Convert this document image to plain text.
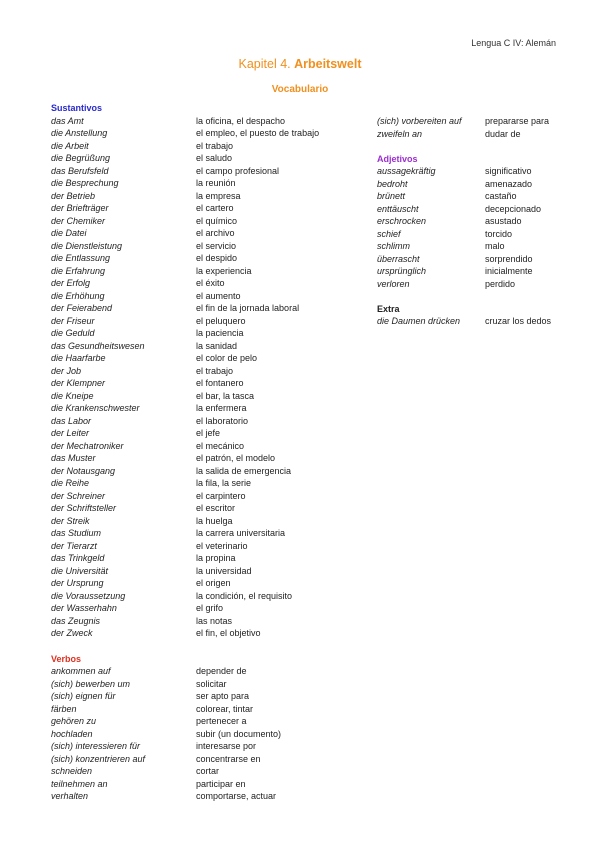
Lengua C IV: Alemán
Kapitel 4. Arbeitswelt
Vocabulario
Sustantivos
das Amt	la oficina, el despacho
die Anstellung	el empleo, el puesto de trabajo
die Arbeit	el trabajo
die Begrüßung	el saludo
das Berufsfeld	el campo profesional
die Besprechung	la reunión
der Betrieb	la empresa
der Briefträger	el cartero
der Chemiker	el químico
die Datei	el archivo
die Dienstleistung	el servicio
die Entlassung	el despido
die Erfahrung	la experiencia
der Erfolg	el éxito
die Erhöhung	el aumento
der Feierabend	el fin de la jornada laboral
der Friseur	el peluquero
die Geduld	la paciencia
das Gesundheitswesen	la sanidad
die Haarfarbe	el color de pelo
der Job	el trabajo
der Klempner	el fontanero
die Kneipe	el bar, la tasca
die Krankenschwester	la enfermera
das Labor	el laboratorio
der Leiter	el jefe
der Mechatroniker	el mecánico
das Muster	el patrón, el modelo
der Notausgang	la salida de emergencia
die Reihe	la fila, la serie
der Schreiner	el carpintero
der Schriftsteller	el escritor
der Streik	la huelga
das Studium	la carrera universitaria
der Tierarzt	el veterinario
das Trinkgeld	la propina
die Universität	la universidad
der Ursprung	el origen
die Voraussetzung	la condición, el requisito
der Wasserhahn	el grifo
das Zeugnis	las notas
der Zweck	el fin, el objetivo
Verbos
ankommen auf	depender de
(sich) bewerben um	solicitar
(sich) eignen für	ser apto para
färben	colorear, tintar
gehören zu	pertenecer a
hochladen	subir (un documento)
(sich) interessieren für	interesarse por
(sich) konzentrieren auf	concentrarse en
schneiden	cortar
teilnehmen an	participar en
verhalten	comportarse, actuar
(sich) vorbereiten auf	prepararse para
zweifeln an	dudar de
Adjetivos
aussagekräftig	significativo
bedroht	amenazado
brünett	castaño
enttäuscht	decepcionado
erschrocken	asustado
schief	torcido
schlimm	malo
überrascht	sorprendido
ursprünglich	inicialmente
verloren	perdido
Extra
die Daumen drücken	cruzar los dedos
